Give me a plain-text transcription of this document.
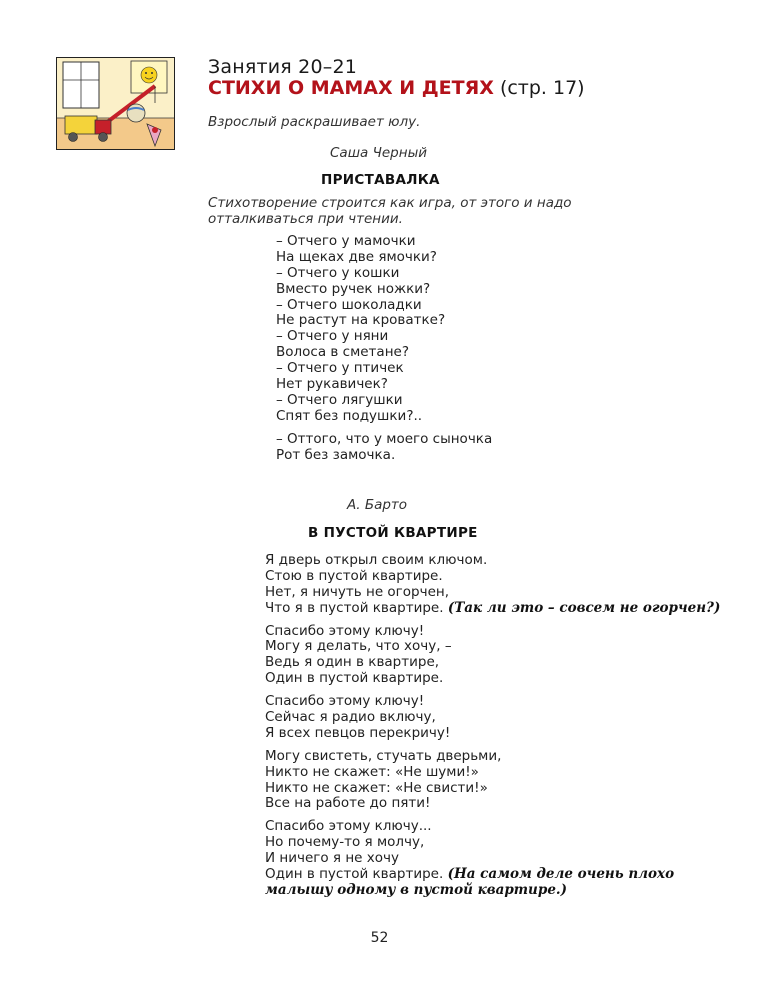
Занятия 20–21
СТИХИ О МАМАХ И ДЕТЯХ (стр. 17)
Взрослый раскрашивает юлу.
Саша Черный
ПРИСТАВАЛКА
Стихотворение строится как игра, от этого и надо
отталкиваться при чтении.
– Отчего у мамочки
На щеках две ямочки?
– Отчего у кошки
Вместо ручек ножки?
– Отчего шоколадки
Не растут на кроватке?
– Отчего у няни
Волоса в сметане?
– Отчего у птичек
Нет рукавичек?
– Отчего лягушки
Спят без подушки?..
– Оттого, что у моего сыночка
Рот без замочка.
А. Барто
В ПУСТОЙ КВАРТИРЕ
Я дверь открыл своим ключом.
Стою в пустой квартире.
Нет, я ничуть не огорчен,
Что я в пустой квартире. (Так ли это – совсем не огорчен?)
Спасибо этому ключу!
Могу я делать, что хочу, –
Ведь я один в квартире,
Один в пустой квартире.
Спасибо этому ключу!
Сейчас я радио включу,
Я всех певцов перекричу!
Могу свистеть, стучать дверьми,
Никто не скажет: «Не шуми!»
Никто не скажет: «Не свисти!»
Все на работе до пяти!
Спасибо этому ключу...
Но почему-то я молчу,
И ничего я не хочу
Один в пустой квартире. (На самом деле очень плохо
малышу одному в пустой квартире.)
52
